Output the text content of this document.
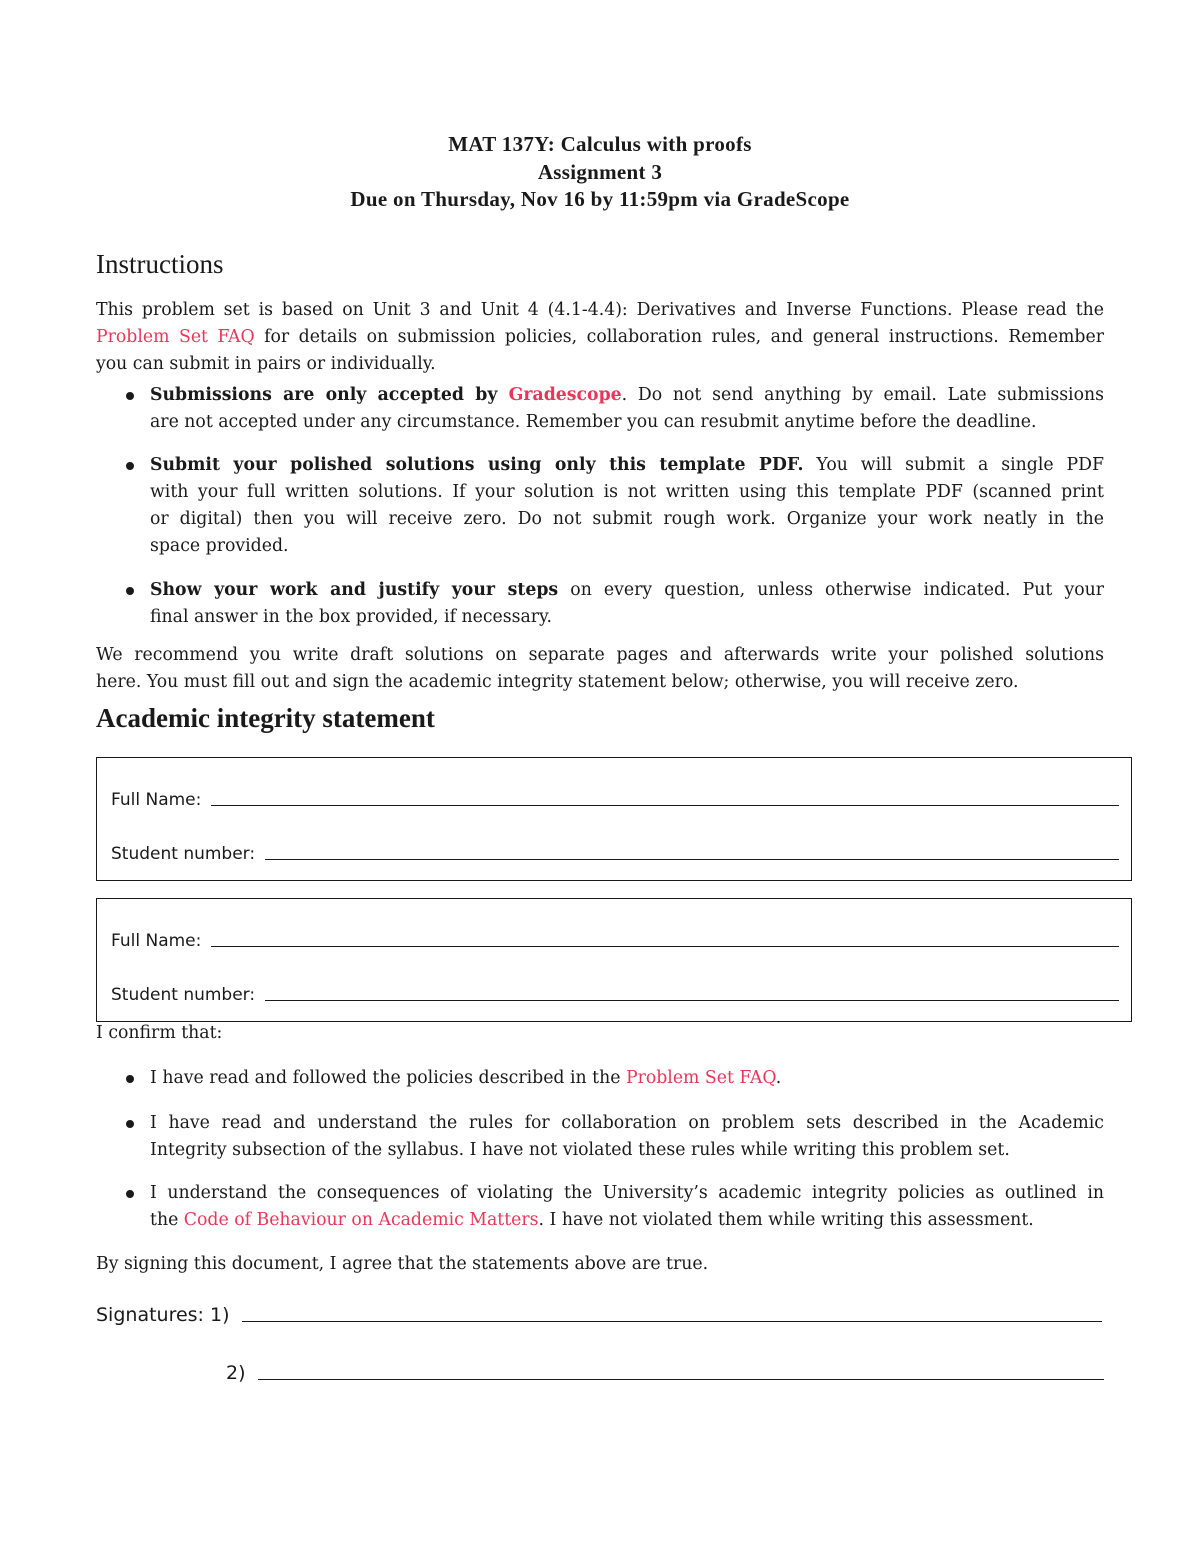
MAT 137Y: Calculus with proofs
Assignment 3
Due on Thursday, Nov 16 by 11:59pm via GradeScope
Instructions
This problem set is based on Unit 3 and Unit 4 (4.1-4.4): Derivatives and Inverse Functions. Please read the
Problem Set FAQ for details on submission policies, collaboration rules, and general instructions. Remember
you can submit in pairs or individually.
Submissions are only accepted by Gradescope. Do not send anything by email. Late submissions
are not accepted under any circumstance. Remember you can resubmit anytime before the deadline.
Submit your polished solutions using only this template PDF. You will submit a single PDF
with your full written solutions. If your solution is not written using this template PDF (scanned print
or digital) then you will receive zero. Do not submit rough work. Organize your work neatly in the
space provided.
Show your work and justify your steps on every question, unless otherwise indicated. Put your
final answer in the box provided, if necessary.
We recommend you write draft solutions on separate pages and afterwards write your polished solutions
here. You must fill out and sign the academic integrity statement below; otherwise, you will receive zero.
Academic integrity statement
Full Name:
Student number:
Full Name:
Student number:
I confirm that:
I have read and followed the policies described in the Problem Set FAQ.
I have read and understand the rules for collaboration on problem sets described in the Academic
Integrity subsection of the syllabus. I have not violated these rules while writing this problem set.
I understand the consequences of violating the University’s academic integrity policies as outlined in
the Code of Behaviour on Academic Matters. I have not violated them while writing this assessment.
By signing this document, I agree that the statements above are true.
Signatures: 1)
2)
